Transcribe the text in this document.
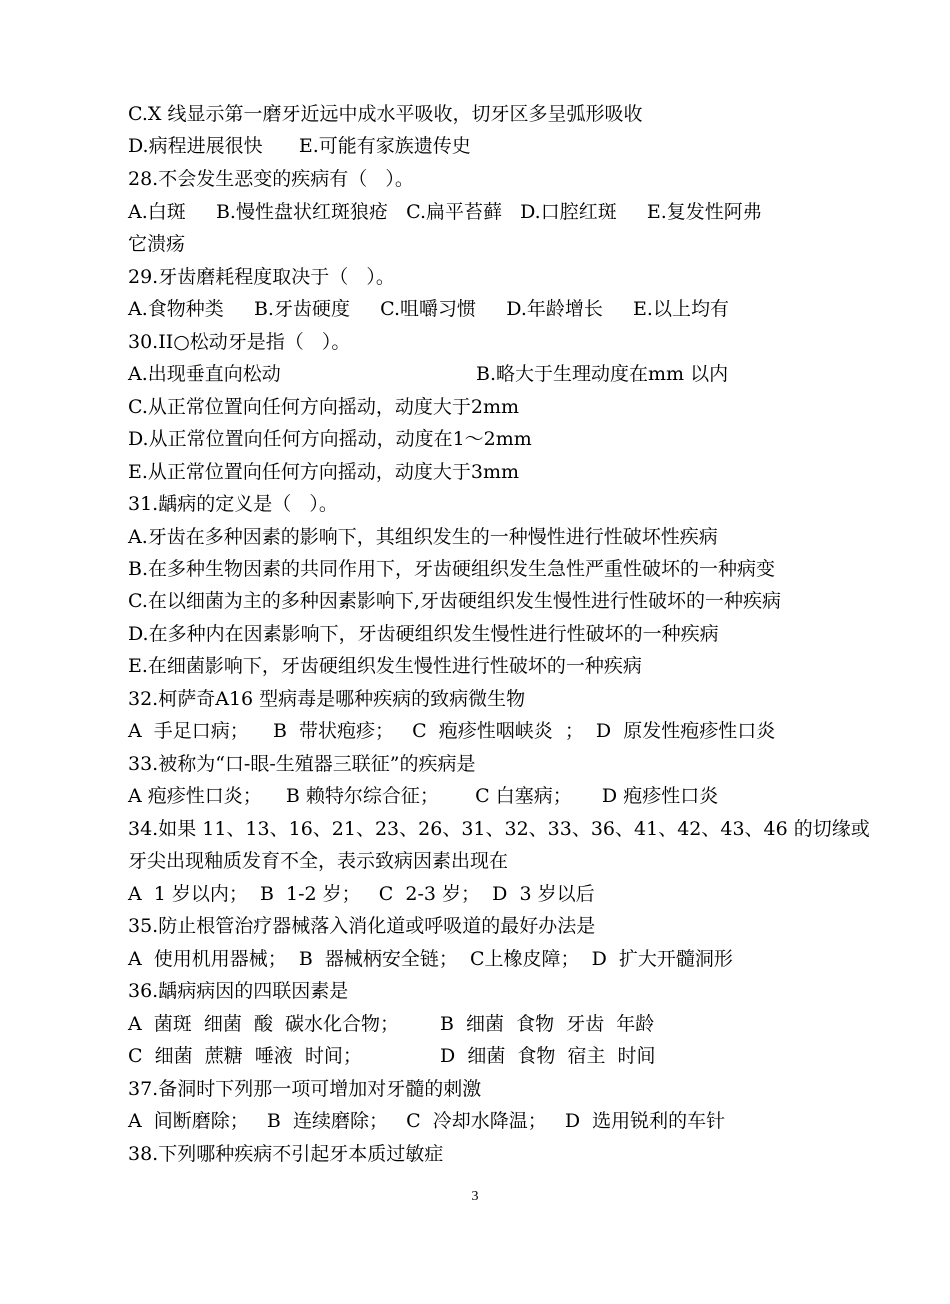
C.X 线显示第一磨牙近远中成水平吸收，切牙区多呈弧形吸收
D.病程进展很快      E.可能有家族遗传史
28.不会发生恶变的疾病有（   ）。
A.白斑     B.慢性盘状红斑狼疮   C.扁平苔藓   D.口腔红斑     E.复发性阿弗
它溃疡
29.牙齿磨耗程度取决于（   ）。
A.食物种类     B.牙齿硬度     C.咀嚼习惯     D.年龄增长     E.以上均有
30.II○松动牙是指（   ）。
A.出现垂直向松动	B.略大于生理动度在mm 以内
C.从正常位置向任何方向摇动，动度大于2mm
D.从正常位置向任何方向摇动，动度在1～2mm
E.从正常位置向任何方向摇动，动度大于3mm
31.龋病的定义是（   ）。
A.牙齿在多种因素的影响下，其组织发生的一种慢性进行性破坏性疾病
B.在多种生物因素的共同作用下，牙齿硬组织发生急性严重性破坏的一种病变
C.在以细菌为主的多种因素影响下,牙齿硬组织发生慢性进行性破坏的一种疾病
D.在多种内在因素影响下，牙齿硬组织发生慢性进行性破坏的一种疾病
E.在细菌影响下，牙齿硬组织发生慢性进行性破坏的一种疾病
32.柯萨奇A16 型病毒是哪种疾病的致病微生物
A  手足口病；    B  带状疱疹；   C  疱疹性咽峡炎  ；  D  原发性疱疹性口炎
33.被称为“口-眼-生殖器三联征”的疾病是
A 疱疹性口炎；    B 赖特尔综合征；      C 白塞病；     D 疱疹性口炎
34.如果 11、13、16、21、23、26、31、32、33、36、41、42、43、46 的切缘或
牙尖出现釉质发育不全，表示致病因素出现在
A  1 岁以内；  B  1-2 岁；   C  2-3 岁；  D  3 岁以后
35.防止根管治疗器械落入消化道或呼吸道的最好办法是
A  使用机用器械；  B  器械柄安全链；  C上橡皮障；  D  扩大开髓洞形
36.龋病病因的四联因素是
A  菌斑  细菌  酸  碳水化合物； B  细菌  食物  牙齿  年龄
C  细菌  蔗糖  唾液  时间；	D  细菌  食物  宿主  时间
37.备洞时下列那一项可增加对牙髓的刺激
A  间断磨除；   B  连续磨除；   C  冷却水降温；   D  选用锐利的车针
38.下列哪种疾病不引起牙本质过敏症
3
